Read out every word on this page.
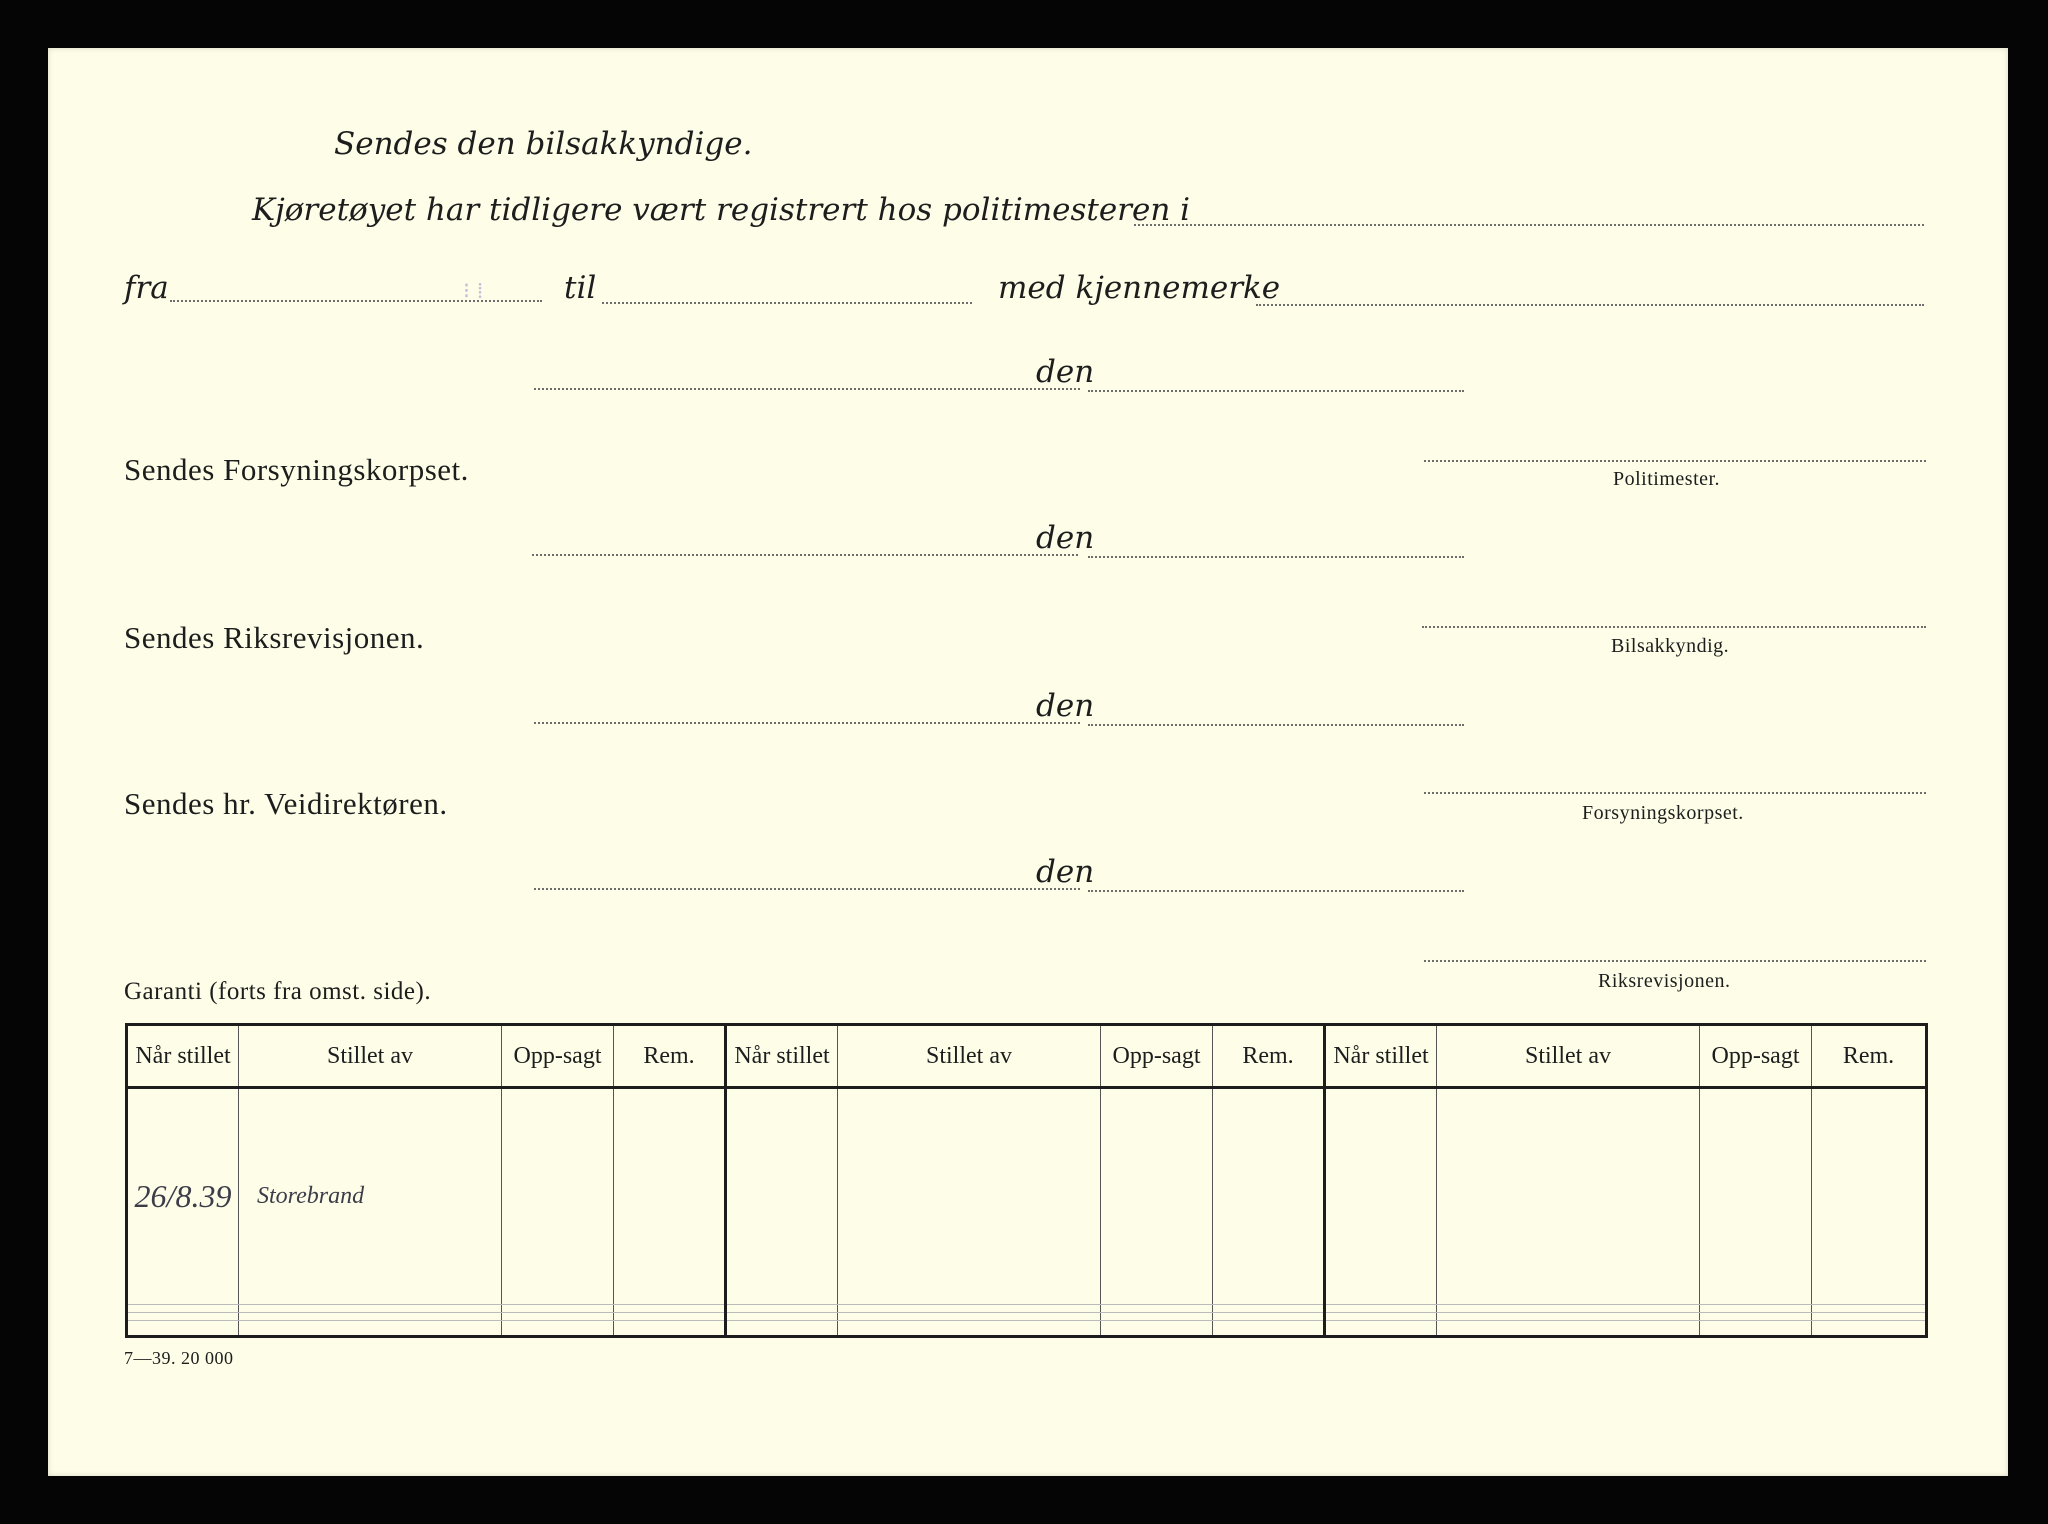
Sendes den bilsakkyndige.
Kjøretøyet har tidligere vært registrert hos politimesteren i
fra	til	med kjennemerke
⁝ ⁞
den
Sendes Forsyningskorpset.	Politimester.
den
Sendes Riksrevisjonen.	Bilsakkyndig.
den
Sendes hr. Veidirektøren.	Forsyningskorpset.
den
Riksrevisjonen.
Garanti (forts fra omst. side).
Når stillet	Stillet av	Opp-sagt	Rem.	Når stillet	Stillet av	Opp-sagt	Rem.	Når stillet	Stillet av	Opp-sagt	Rem.
26/8.39	Storebrand										

7—39. 20 000
